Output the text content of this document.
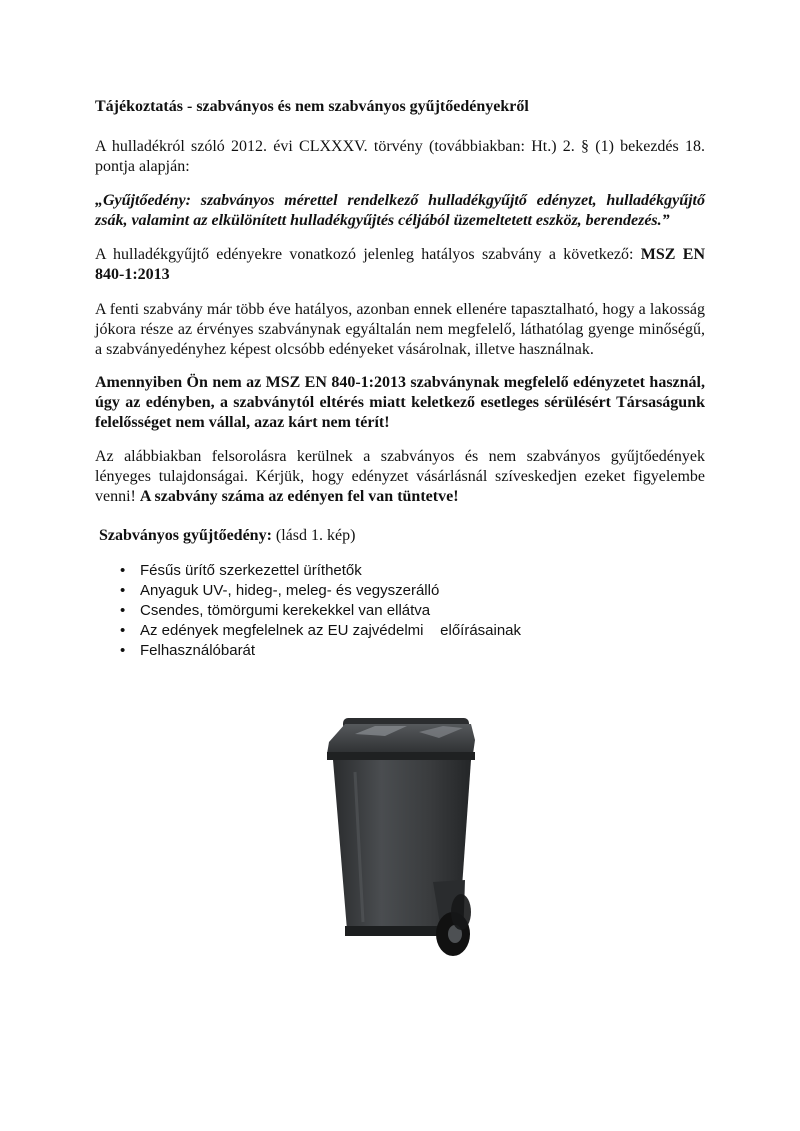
Tájékoztatás - szabványos és nem szabványos gyűjtőedényekről

A hulladékról szóló 2012. évi CLXXXV. törvény (továbbiakban: Ht.) 2. § (1) bekezdés 18. pontja alapján:

„Gyűjtőedény: szabványos mérettel rendelkező hulladékgyűjtő edényzet, hulladékgyűjtő zsák, valamint az elkülönített hulladékgyűjtés céljából üzemeltetett eszköz, berendezés.”

A hulladékgyűjtő edényekre vonatkozó jelenleg hatályos szabvány a következő: MSZ EN 840-1:2013

A fenti szabvány már több éve hatályos, azonban ennek ellenére tapasztalható, hogy a lakosság jókora része az érvényes szabványnak egyáltalán nem megfelelő, láthatólag gyenge minőségű, a szabványedényhez képest olcsóbb edényeket vásárolnak, illetve használnak.

Amennyiben Ön nem az MSZ EN 840-1:2013 szabványnak megfelelő edényzetet használ, úgy az edényben, a szabványtól eltérés miatt keletkező esetleges sérülésért Társaságunk felelősséget nem vállal, azaz kárt nem térít!

Az alábbiakban felsorolásra kerülnek a szabványos és nem szabványos gyűjtőedények lényeges tulajdonságai. Kérjük, hogy edényzet vásárlásnál szíveskedjen ezeket figyelembe venni! A szabvány száma az edényen fel van tüntetve!

Szabványos gyűjtőedény: (lásd 1. kép)

• Fésűs ürítő szerkezettel üríthetők
• Anyaguk UV-, hideg-, meleg- és vegyszerálló
• Csendes, tömörgumi kerekekkel van ellátva
• Az edények megfelelnek az EU zajvédelmi    előírásainak
• Felhasználóbarát
